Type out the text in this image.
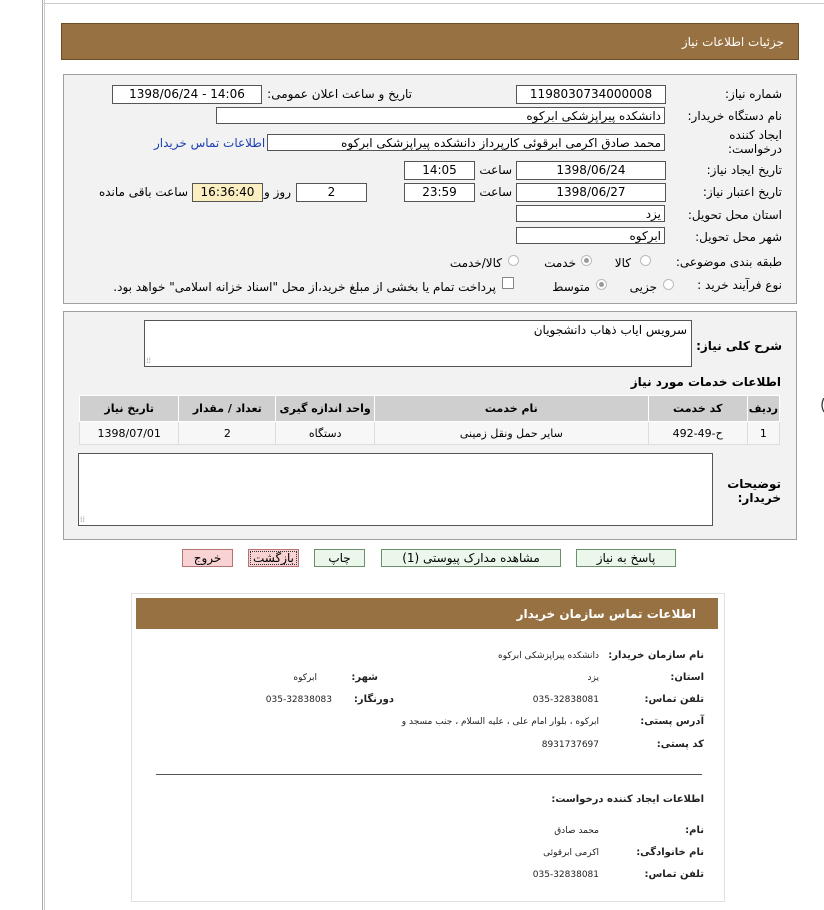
جزئیات اطلاعات نیاز
شماره نیاز:
1198030734000008
تاریخ و ساعت اعلان عمومی:
1398/06/24 - 14:06
نام دستگاه خریدار:
دانشکده پیراپزشکی ابرکوه
ایجاد کننده
درخواست:
محمد صادق اکرمی ابرقوئی کارپرداز دانشکده پیراپزشکی ابرکوه
اطلاعات تماس خریدار
تاریخ ایجاد نیاز:
1398/06/24
ساعت
14:05
تاریخ اعتبار نیاز:
1398/06/27
ساعت
23:59
2
روز و
16:36:40
ساعت باقی مانده
استان محل تحویل:
یزد
شهر محل تحویل:
ابرکوه
طبقه بندی موضوعی:
کالا
خدمت
کالا/خدمت
نوع فرآیند خرید :
جزیی
متوسط
پرداخت تمام یا بخشی از مبلغ خرید،از محل "اسناد خزانه اسلامی" خواهد بود.
شرح کلی نیاز:
سرویس ایاب ذهاب دانشجویان
⁞⁞
اطلاعات خدمات مورد نیاز
ردیف	کد خدمت	نام خدمت	واحد اندازه گیری	تعداد / مقدار	تاریخ نیاز
1	ح-49-492	سایر حمل ونقل زمینی	دستگاه	2	1398/07/01
⁞⁞
توضیحات
خریدار:
پاسخ به نیاز
مشاهده مدارک پیوستی (1)
چاپ
بازگشت
خروج
اطلاعات تماس سازمان خریدار
نام سازمان خریدار:
دانشکده پیراپزشکی ابرکوه
استان:
یزد
شهر:
ابرکوه
تلفن تماس:
035-32838081
دورنگار:
035-32838083
آدرس پستی:
ابرکوه ، بلوار امام علی ، علیه السلام ، جنب مسجد و
کد پستی:
8931737697
اطلاعات ایجاد کننده درخواست:
نام:
محمد صادق
نام خانوادگی:
اکرمی ابرقوئی
تلفن تماس:
035-32838081
